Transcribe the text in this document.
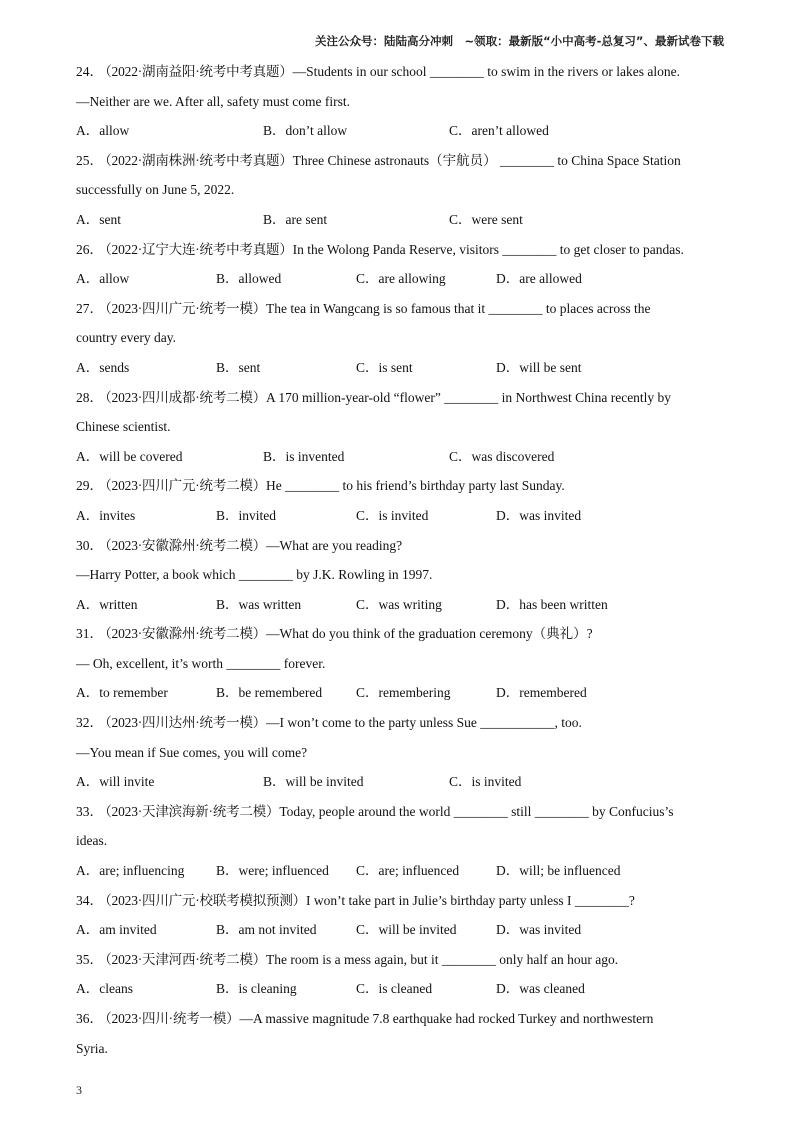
关注公众号：陆陆高分冲刺　~领取：最新版“小中高考-总复习”、最新试卷下载
24． （2022·湖南益阳·统考中考真题）—Students in our school ________ to swim in the rivers or lakes alone.
—Neither are we. After all, safety must come first.
A．allow	B．don’t allow	C．aren’t allowed
25． （2022·湖南株洲·统考中考真题）Three Chinese astronauts（宇航员） ________ to China Space Station
successfully on June 5, 2022.
A．sent	B．are sent	C．were sent
26． （2022·辽宁大连·统考中考真题）In the Wolong Panda Reserve, visitors ________ to get closer to pandas.
A．allow	B．allowed	C．are allowing	D．are allowed
27． （2023·四川广元·统考一模）The tea in Wangcang is so famous that it ________ to places across the
country every day.
A．sends	B．sent	C．is sent	D．will be sent
28． （2023·四川成都·统考二模）A 170 million-year-old “flower” ________ in Northwest China recently by
Chinese scientist.
A．will be covered	B．is invented	C．was discovered
29． （2023·四川广元·统考二模）He ________ to his friend’s birthday party last Sunday.
A．invites	B．invited	C．is invited	D．was invited
30． （2023·安徽滁州·统考二模）—What are you reading?
—Harry Potter, a book which ________ by J.K. Rowling in 1997.
A．written	B．was written	C．was writing	D．has been written
31． （2023·安徽滁州·统考二模）—What do you think of the graduation ceremony（典礼）?
— Oh, excellent, it’s worth ________ forever.
A．to remember	B．be remembered	C．remembering	D．remembered
32． （2023·四川达州·统考一模）—I won’t come to the party unless Sue ___________, too.
—You mean if Sue comes, you will come?
A．will invite	B．will be invited	C．is invited
33． （2023·天津滨海新·统考二模）Today, people around the world ________ still ________ by Confucius’s
ideas.
A．are; influencing B．were; influenced C．are; influenced	D．will; be influenced
34． （2023·四川广元·校联考模拟预测）I won’t take part in Julie’s birthday party unless I ________?
A．am invited	B．am not invited	C．will be invited	D．was invited
35． （2023·天津河西·统考二模）The room is a mess again, but it ________ only half an hour ago.
A．cleans	B．is cleaning	C．is cleaned	D．was cleaned
36． （2023·四川·统考一模）—A massive magnitude 7.8 earthquake had rocked Turkey and northwestern
Syria.
3
